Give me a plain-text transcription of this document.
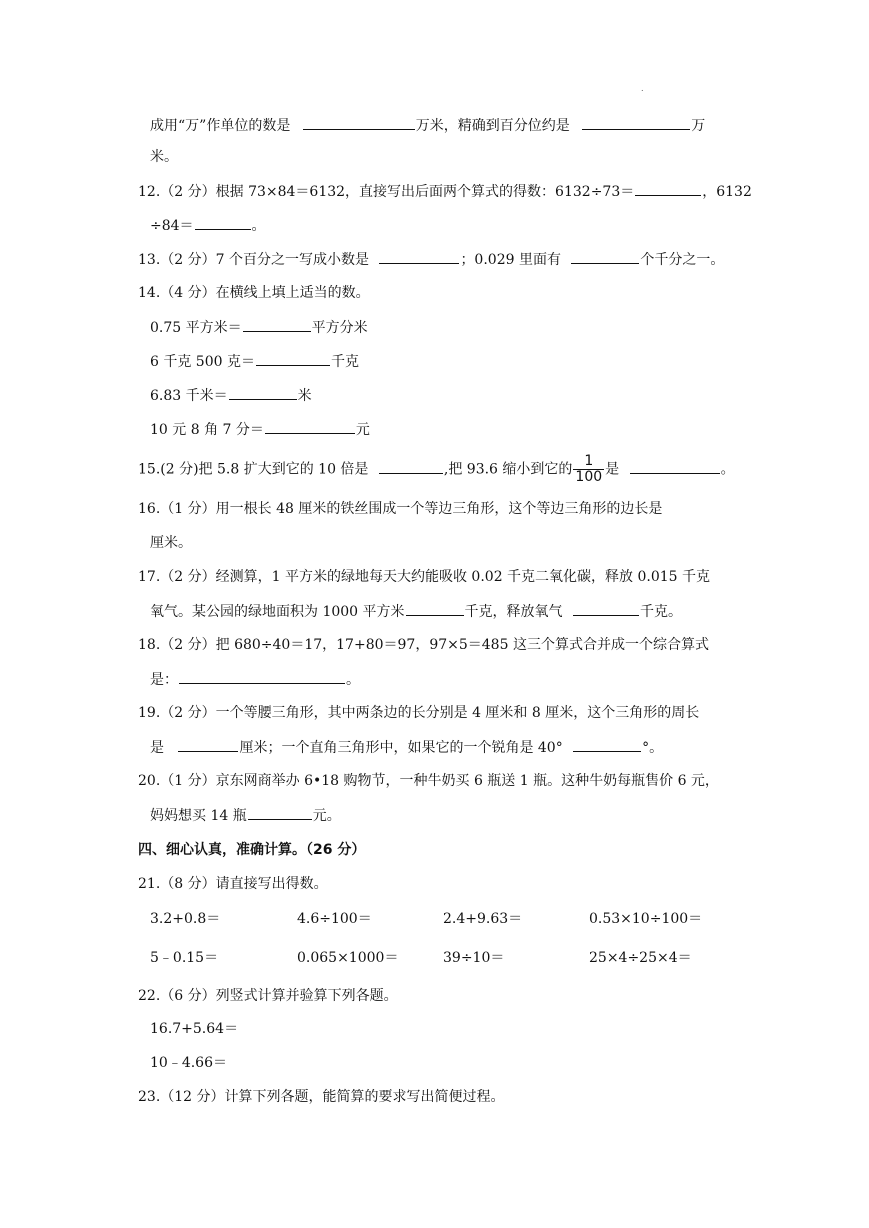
.
成用“万”作单位的数是	万米，精确到百分位约是	万
米。
12.（2 分）根据 73×84＝6132，直接写出后面两个算式的得数：6132÷73＝	，6132
÷84＝	。
13.（2 分）7 个百分之一写成小数是	；0.029 里面有	个千分之一。
14.（4 分）在横线上填上适当的数。
0.75 平方米＝	平方分米
6 千克 500 克＝	千克
6.83 千米＝	米
10 元 8 角 7 分＝	元
15.(2 分)把 5.8 扩大到它的 10 倍是	,把 93.6 缩小到它的 $\frac{1}{100}$ 是	。
16.（1 分）用一根长 48 厘米的铁丝围成一个等边三角形，这个等边三角形的边长是
厘米。
17.（2 分）经测算，1 平方米的绿地每天大约能吸收 0.02 千克二氧化碳，释放 0.015 千克
氧气。某公园的绿地面积为 1000 平方米	千克，释放氧气	千克。
18.（2 分）把 680÷40＝17，17+80＝97，97×5＝485 这三个算式合并成一个综合算式
是：	。
19.（2 分）一个等腰三角形，其中两条边的长分别是 4 厘米和 8 厘米，这个三角形的周长
是	厘米；一个直角三角形中，如果它的一个锐角是 40°	°。
20.（1 分）京东网商举办 6•18 购物节，一种牛奶买 6 瓶送 1 瓶。这种牛奶每瓶售价 6 元，
妈妈想买 14 瓶	元。
四、细心认真，准确计算。（26 分）
21.（8 分）请直接写出得数。
3.2+0.8＝	4.6÷100＝	2.4+9.63＝	0.53×10÷100＝
5﹣0.15＝	0.065×1000＝	39÷10＝	25×4÷25×4＝
22.（6 分）列竖式计算并验算下列各题。
16.7+5.64＝
10﹣4.66＝
23.（12 分）计算下列各题，能简算的要求写出简便过程。
